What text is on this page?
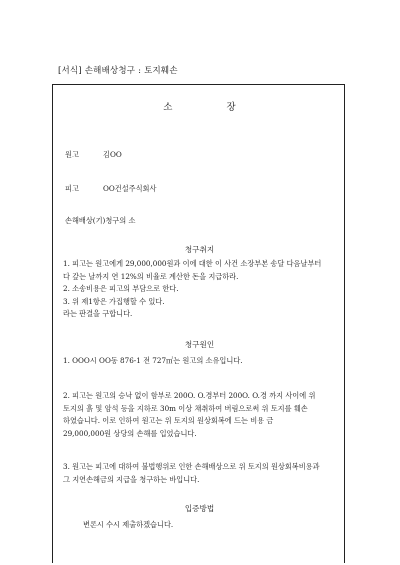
[서식] 손해배상청구 : 토지훼손
소	장
원고	김OO
피고	OO건설주식회사
손해배상(기)청구의 소
청구취지
1. 피고는 원고에게 29,000,000원과 이에 대한 이 사건 소장부본 송달 다음날부터
다 갚는 날까지 연 12%의 비율로 계산한 돈을 지급하라.
2. 소송비용은 피고의 부담으로 한다.
3. 위 제1항은 가집행할 수 있다.
라는 판결을 구합니다.
청구원인
1. OOO시 OO동 876-1 전 727㎡는 원고의 소유입니다.
2. 피고는 원고의 승낙 없이 함부로 200O. O.경부터 200O. O.경 까지 사이에 위
토지의 흙 및 암석 등을 지하로 30m 이상 채취하여 버림으로써 위 토지를 훼손
하였습니다. 이로 인하여 원고는 위 토지의 원상회복에 드는 비용 금
29,000,000원 상당의 손해를 입었습니다.
3. 원고는 피고에 대하여 불법행위로 인한 손해배상으로 위 토지의 원상회복비용과
그 지연손해금의 지급을 청구하는 바입니다.
입증방법
변론시 수시 제출하겠습니다.
